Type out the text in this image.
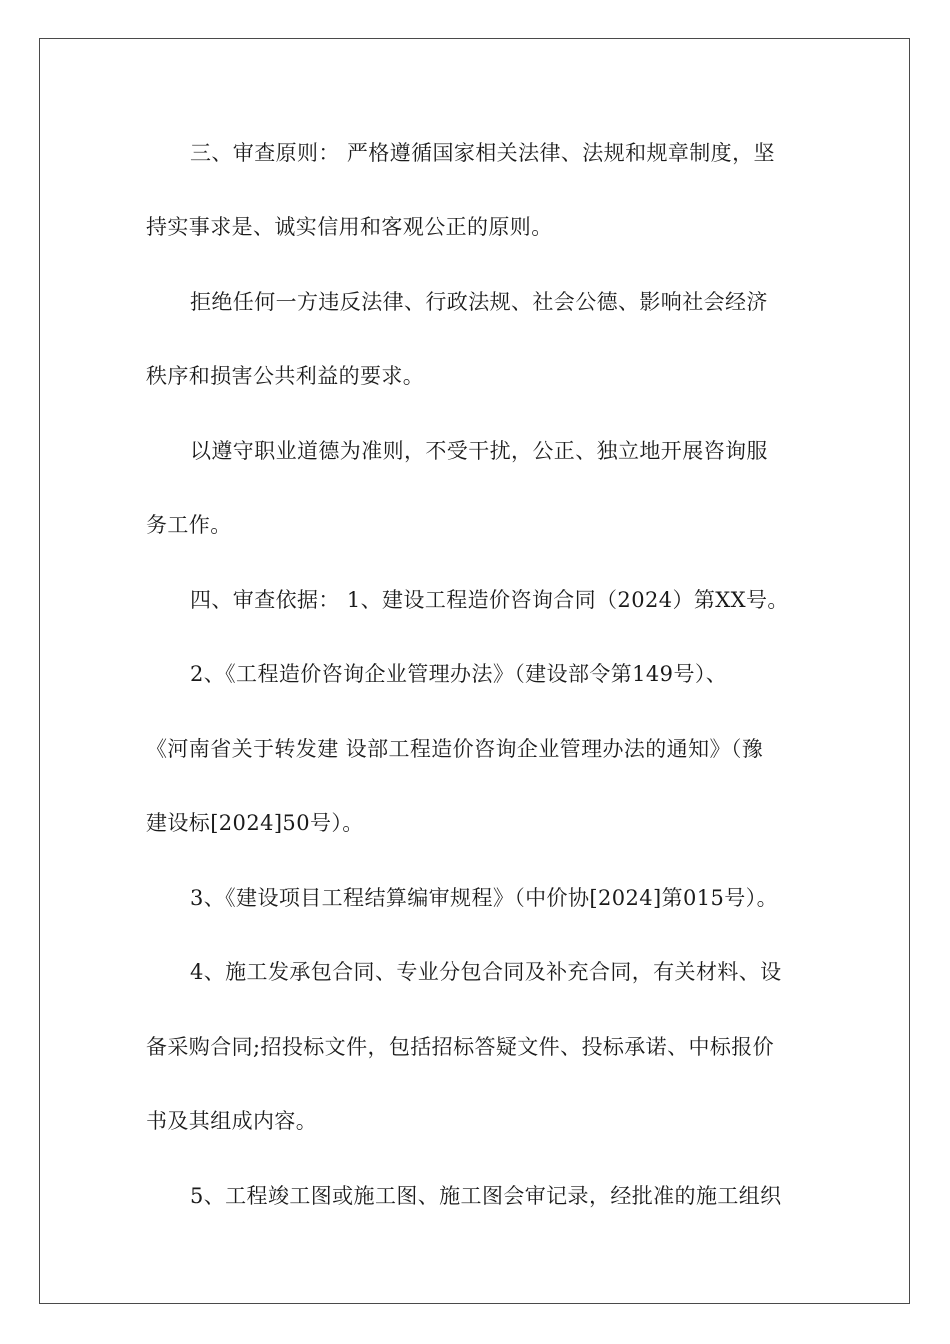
三、审查原则： 严格遵循国家相关法律、法规和规章制度，坚
持实事求是、诚实信用和客观公正的原则。
拒绝任何一方违反法律、行政法规、社会公德、影响社会经济
秩序和损害公共利益的要求。
以遵守职业道德为准则，不受干扰，公正、独立地开展咨询服
务工作。
四、审查依据： 1、建设工程造价咨询合同（2024）第XX号。
2、《工程造价咨询企业管理办法》（建设部令第149号）、
《河南省关于转发建 设部工程造价咨询企业管理办法的通知》（豫
建设标[2024]50号）。
3、《建设项目工程结算编审规程》（中价协[2024]第015号）。
4、施工发承包合同、专业分包合同及补充合同，有关材料、设
备采购合同;招投标文件，包括招标答疑文件、投标承诺、中标报价
书及其组成内容。
5、工程竣工图或施工图、施工图会审记录，经批准的施工组织
